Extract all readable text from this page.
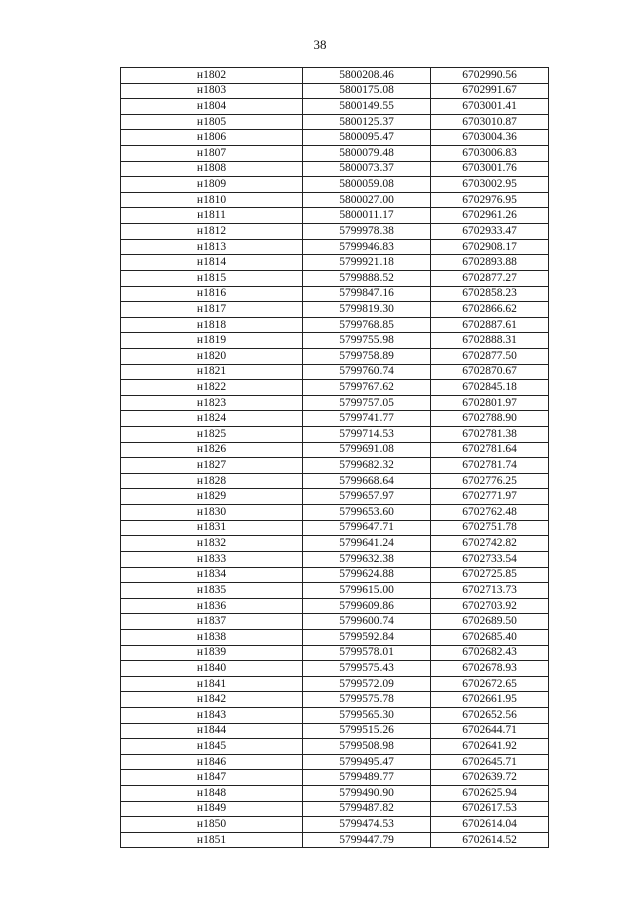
38
н1802	5800208.46	6702990.56
н1803	5800175.08	6702991.67
н1804	5800149.55	6703001.41
н1805	5800125.37	6703010.87
н1806	5800095.47	6703004.36
н1807	5800079.48	6703006.83
н1808	5800073.37	6703001.76
н1809	5800059.08	6703002.95
н1810	5800027.00	6702976.95
н1811	5800011.17	6702961.26
н1812	5799978.38	6702933.47
н1813	5799946.83	6702908.17
н1814	5799921.18	6702893.88
н1815	5799888.52	6702877.27
н1816	5799847.16	6702858.23
н1817	5799819.30	6702866.62
н1818	5799768.85	6702887.61
н1819	5799755.98	6702888.31
н1820	5799758.89	6702877.50
н1821	5799760.74	6702870.67
н1822	5799767.62	6702845.18
н1823	5799757.05	6702801.97
н1824	5799741.77	6702788.90
н1825	5799714.53	6702781.38
н1826	5799691.08	6702781.64
н1827	5799682.32	6702781.74
н1828	5799668.64	6702776.25
н1829	5799657.97	6702771.97
н1830	5799653.60	6702762.48
н1831	5799647.71	6702751.78
н1832	5799641.24	6702742.82
н1833	5799632.38	6702733.54
н1834	5799624.88	6702725.85
н1835	5799615.00	6702713.73
н1836	5799609.86	6702703.92
н1837	5799600.74	6702689.50
н1838	5799592.84	6702685.40
н1839	5799578.01	6702682.43
н1840	5799575.43	6702678.93
н1841	5799572.09	6702672.65
н1842	5799575.78	6702661.95
н1843	5799565.30	6702652.56
н1844	5799515.26	6702644.71
н1845	5799508.98	6702641.92
н1846	5799495.47	6702645.71
н1847	5799489.77	6702639.72
н1848	5799490.90	6702625.94
н1849	5799487.82	6702617.53
н1850	5799474.53	6702614.04
н1851	5799447.79	6702614.52
